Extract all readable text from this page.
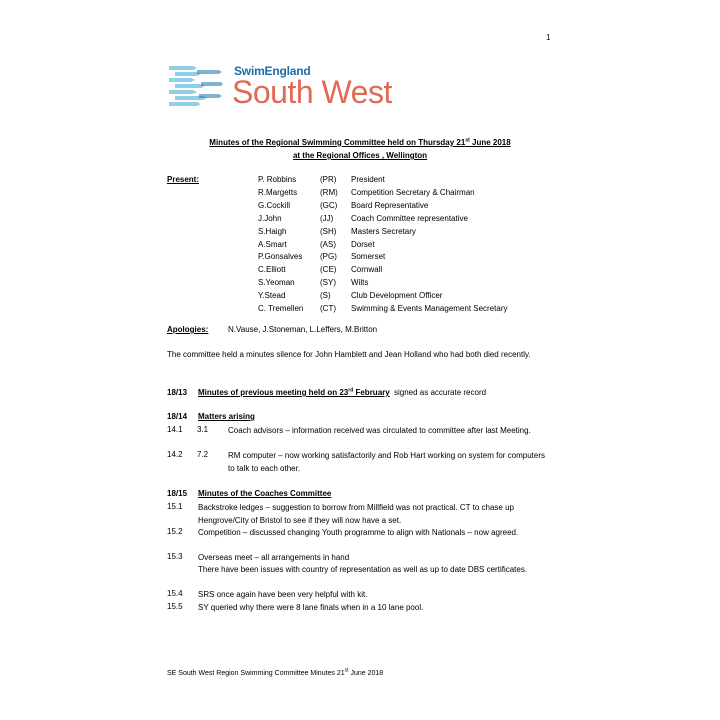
1
SwimEngland
South West
Minutes of the Regional Swimming Committee held on Thursday 21st June 2018
at the Regional Offices , Wellington
Present:	P. Robbins	(PR) President
R.Margetts	(RM) Competition Secretary & Chairman
G.Cockill	(GC) Board Representative
J.John	(JJ) Coach Committee representative
S.Haigh	(SH) Masters Secretary
A.Smart	(AS) Dorset
P.Gonsalves (PG) Somerset
C.Elliott	(CE) Cornwall
S.Yeoman	(SY) Wilts
Y.Stead	(S)	Club Development Officer
C. Tremellen (CT) Swimming & Events Management Secretary
Apologies: N.Vause, J.Stoneman, L.Leffers, M.Britton
The committee held a minutes silence for John Hamblett and Jean Holland who had both died recently.
18/13 Minutes of previous meeting held on 23rd February signed as accurate record
18/14 Matters arising
14.1 3.1 Coach advisors – information received was circulated to committee after last Meeting.
14.2 7.2 RM computer – now working satisfactorily and Rob Hart working on system for computers to talk to each other.
18/15 Minutes of the Coaches Committee
15.1 Backstroke ledges – suggestion to borrow from Millfield was not practical. CT to chase up Hengrove/City of Bristol to see if they will now have a set.
15.2 Competition – discussed changing Youth programme to align with Nationals – now agreed.
15.3 Overseas meet – all arrangements in hand
There have been issues with country of representation as well as up to date DBS certificates.
15.4 SRS once again have been very helpful with kit.
15.5 SY queried why there were 8 lane finals when in a 10 lane pool.
SE South West Region Swimming Committee Minutes 21st June 2018
